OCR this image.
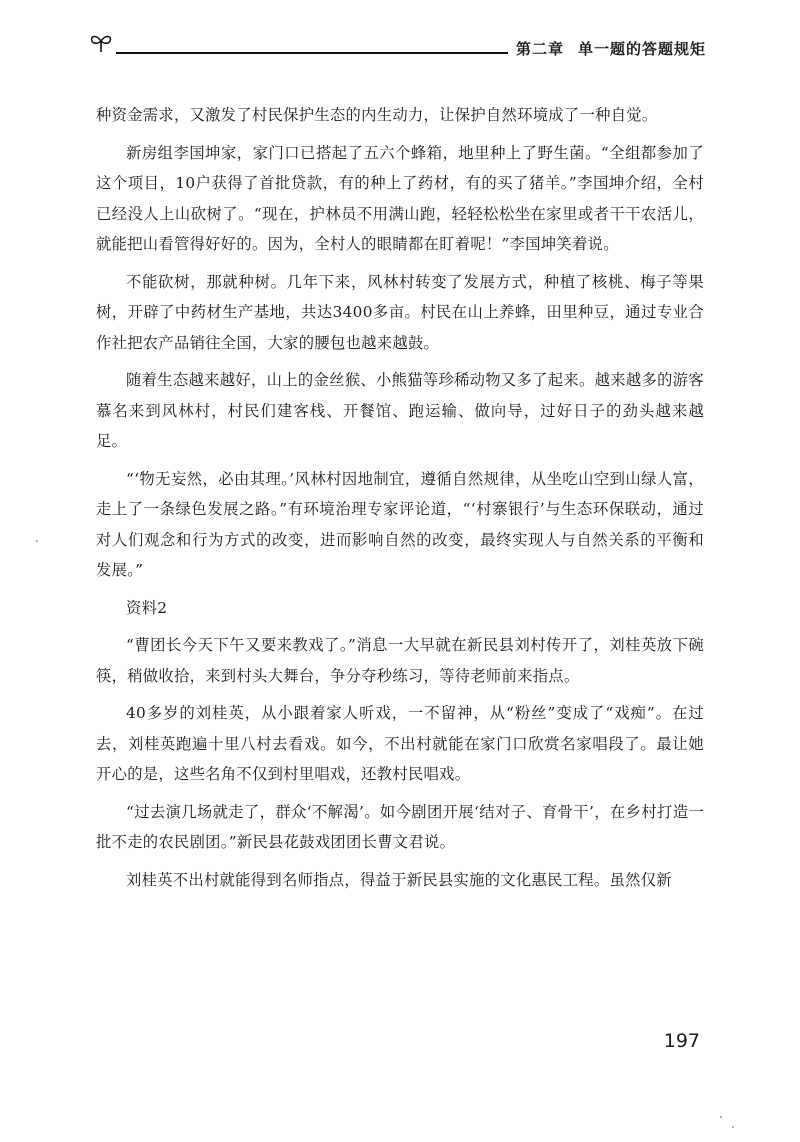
第二章 单一题的答题规矩

种资金需求，又激发了村民保护生态的内生动力，让保护自然环境成了一种自觉。

新房组李国坤家，家门口已搭起了五六个蜂箱，地里种上了野生菌。“全组都参加了这个项目，10户获得了首批贷款，有的种上了药材，有的买了猪羊。”李国坤介绍，全村已经没人上山砍树了。“现在，护林员不用满山跑，轻轻松松坐在家里或者干干农活儿，就能把山看管得好好的。因为，全村人的眼睛都在盯着呢！”李国坤笑着说。

不能砍树，那就种树。几年下来，风林村转变了发展方式，种植了核桃、梅子等果树，开辟了中药材生产基地，共达3400多亩。村民在山上养蜂，田里种豆，通过专业合作社把农产品销往全国，大家的腰包也越来越鼓。

随着生态越来越好，山上的金丝猴、小熊猫等珍稀动物又多了起来。越来越多的游客慕名来到风林村，村民们建客栈、开餐馆、跑运输、做向导，过好日子的劲头越来越足。

“‘物无妄然，必由其理。’风林村因地制宜，遵循自然规律，从坐吃山空到山绿人富，走上了一条绿色发展之路。”有环境治理专家评论道，“‘村寨银行’与生态环保联动，通过对人们观念和行为方式的改变，进而影响自然的改变，最终实现人与自然关系的平衡和发展。”

资料2

“曹团长今天下午又要来教戏了。”消息一大早就在新民县刘村传开了，刘桂英放下碗筷，稍做收拾，来到村头大舞台，争分夺秒练习，等待老师前来指点。

40多岁的刘桂英，从小跟着家人听戏，一不留神，从“粉丝”变成了“戏痴”。在过去，刘桂英跑遍十里八村去看戏。如今，不出村就能在家门口欣赏名家唱段了。最让她开心的是，这些名角不仅到村里唱戏，还教村民唱戏。

“过去演几场就走了，群众‘不解渴’。如今剧团开展‘结对子、育骨干’，在乡村打造一批不走的农民剧团。”新民县花鼓戏团团长曹文君说。

刘桂英不出村就能得到名师指点，得益于新民县实施的文化惠民工程。虽然仅新

197
